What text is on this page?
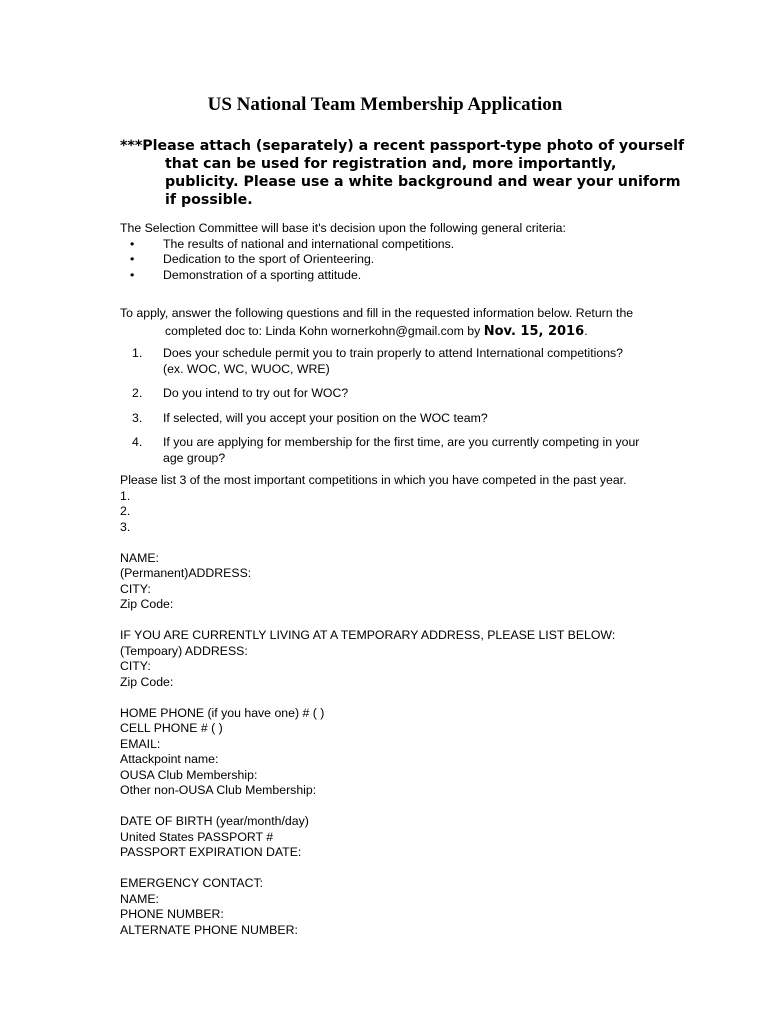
US National Team Membership Application
***Please attach (separately) a recent passport-type photo of yourself
that can be used for registration and, more importantly,
publicity. Please use a white background and wear your uniform
if possible.
The Selection Committee will base it's decision upon the following general criteria:
• The results of national and international competitions.
• Dedication to the sport of Orienteering.
• Demonstration of a sporting attitude.
To apply, answer the following questions and fill in the requested information below. Return the
completed doc to: Linda Kohn wornerkohn@gmail.com by Nov. 15, 2016.
1. Does your schedule permit you to train properly to attend International competitions?
(ex. WOC, WC, WUOC, WRE)
2. Do you intend to try out for WOC?
3. If selected, will you accept your position on the WOC team?
4. If you are applying for membership for the first time, are you currently competing in your
age group?
Please list 3 of the most important competitions in which you have competed in the past year.
1.
2.
3.
NAME:
(Permanent)ADDRESS:
CITY:
Zip Code:
IF YOU ARE CURRENTLY LIVING AT A TEMPORARY ADDRESS, PLEASE LIST BELOW:
(Tempoary) ADDRESS:
CITY:
Zip Code:
HOME PHONE (if you have one) # ( )
CELL PHONE # ( )
EMAIL:
Attackpoint name:
OUSA Club Membership:
Other non-OUSA Club Membership:
DATE OF BIRTH (year/month/day)
United States PASSPORT #
PASSPORT EXPIRATION DATE:
EMERGENCY CONTACT:
NAME:
PHONE NUMBER:
ALTERNATE PHONE NUMBER:
